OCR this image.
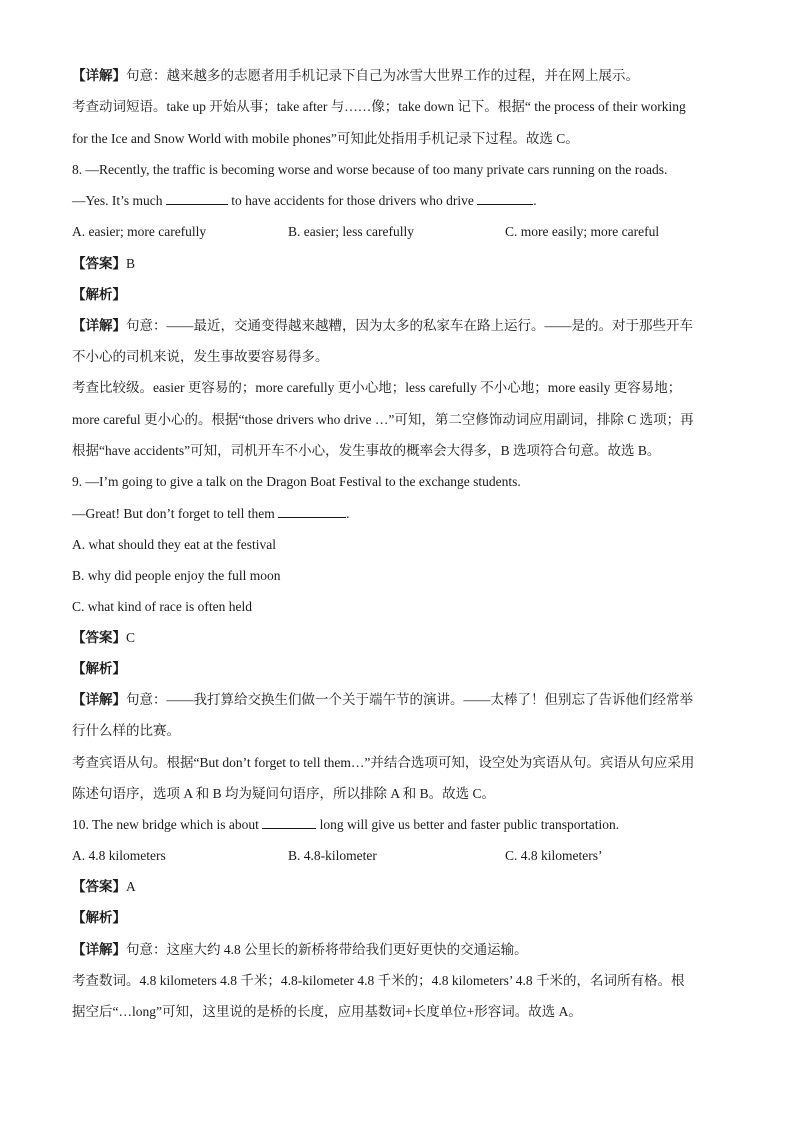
【详解】句意：越来越多的志愿者用手机记录下自己为冰雪大世界工作的过程，并在网上展示。
考查动词短语。take up 开始从事；take after 与……像；take down 记下。根据“ the process of their working
for the Ice and Snow World with mobile phones”可知此处指用手机记录下过程。故选 C。
8. —Recently, the traffic is becoming worse and worse because of too many private cars running on the roads.
—Yes. It’s much	to have accidents for those drivers who drive	.
A. easier; more carefully	B. easier; less carefully	C. more easily; more careful
【答案】B
【解析】
【详解】句意：——最近，交通变得越来越糟，因为太多的私家车在路上运行。——是的。对于那些开车
不小心的司机来说，发生事故要容易得多。
考查比较级。easier 更容易的；more carefully 更小心地；less carefully 不小心地；more easily 更容易地；
more careful 更小心的。根据“those drivers who drive …”可知，第二空修饰动词应用副词，排除 C 选项；再
根据“have accidents”可知，司机开车不小心，发生事故的概率会大得多，B 选项符合句意。故选 B。
9. —I’m going to give a talk on the Dragon Boat Festival to the exchange students.
—Great! But don’t forget to tell them	.
A. what should they eat at the festival
B. why did people enjoy the full moon
C. what kind of race is often held
【答案】C
【解析】
【详解】句意：——我打算给交换生们做一个关于端午节的演讲。——太棒了！但别忘了告诉他们经常举
行什么样的比赛。
考查宾语从句。根据“But don’t forget to tell them…”并结合选项可知，设空处为宾语从句。宾语从句应采用
陈述句语序，选项 A 和 B 均为疑问句语序，所以排除 A 和 B。故选 C。
10. The new bridge which is about	long will give us better and faster public transportation.
A. 4.8 kilometers	B. 4.8-kilometer	C. 4.8 kilometers’
【答案】A
【解析】
【详解】句意：这座大约 4.8 公里长的新桥将带给我们更好更快的交通运输。
考查数词。4.8 kilometers 4.8 千米；4.8-kilometer 4.8 千米的；4.8 kilometers’ 4.8 千米的，名词所有格。根
据空后“…long”可知，这里说的是桥的长度，应用基数词+长度单位+形容词。故选 A。
